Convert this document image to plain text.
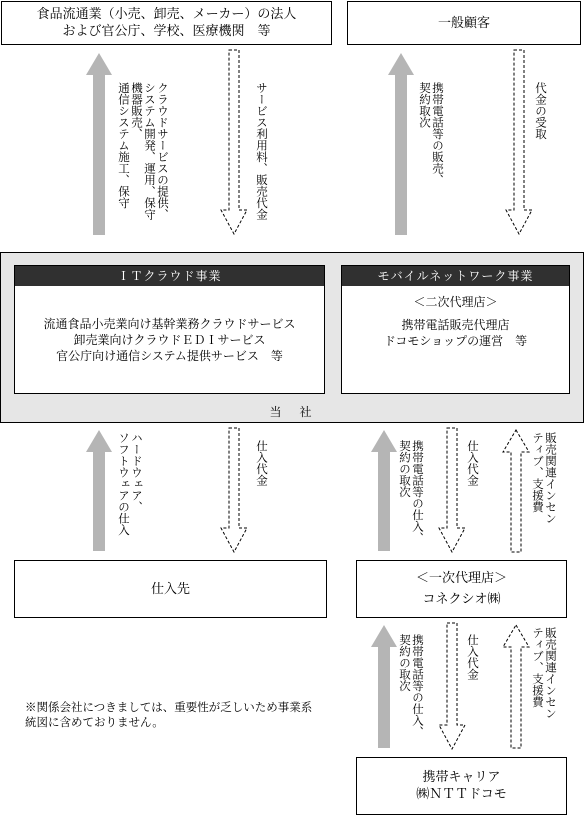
食品流通業（小売、卸売、メーカー）の法人
および官公庁、学校、医療機関　等
一般顧客
クラウドサービスの提供、
システム開発、運用、保守
機器販売、
通信システム施工、保守	サービス利用料、販売代金	携帯電話等の販売、
契約取次	代金の受取
ＩＴクラウド事業
流通食品小売業向け基幹業務クラウドサービス
卸売業向けクラウドＥＤＩサービス
官公庁向け通信システム提供サービス　等
モバイルネットワーク事業
＜二次代理店＞
携帯電話販売代理店
ドコモショップの運営　等
当　社
ハードウェア、
ソフトウェアの仕入	仕入代金	携帯電話等の仕入、
契約の取次	仕入代金	販売関連インセン
ティブ、支援費
仕入先
＜一次代理店＞
コネクシオ㈱
携帯電話等の仕入、
契約の取次	仕入代金	販売関連インセン
ティブ、支援費
携帯キャリア
㈱ＮＴＴドコモ
※関係会社につきましては、重要性が乏しいため事業系
統図に含めておりません。
